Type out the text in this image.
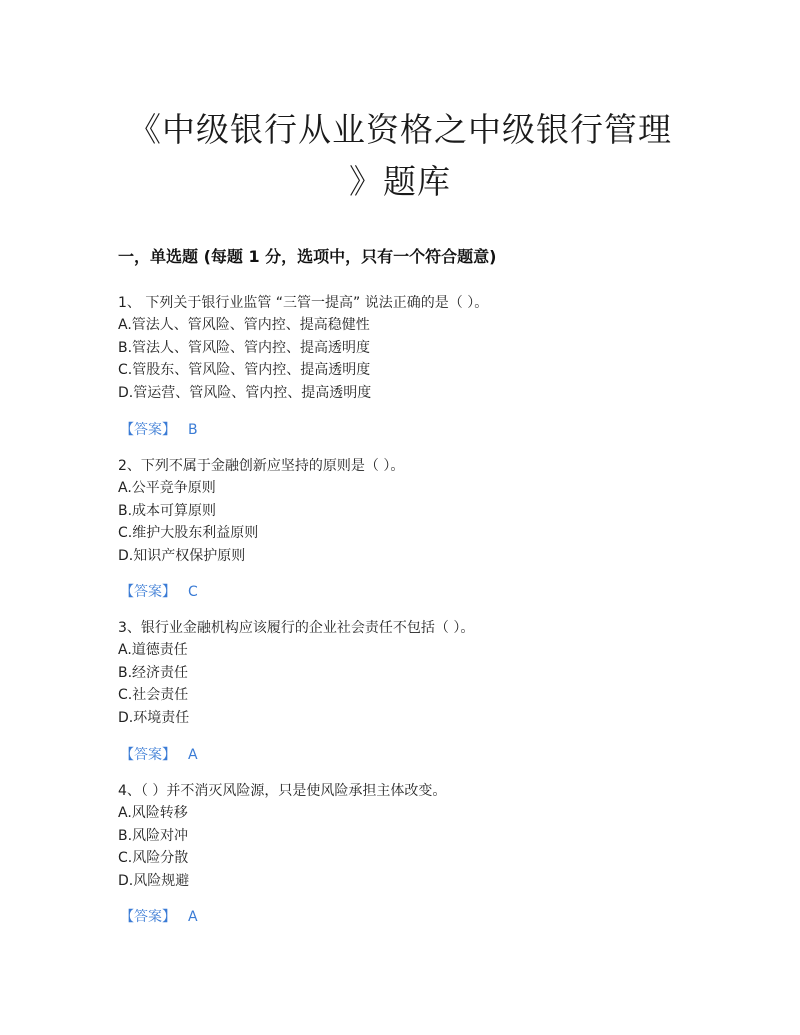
《中级银行从业资格之中级银行管理
》题库
一，单选题 (每题 1 分，选项中，只有一个符合题意)
1、 下列关于银行业监管 “三管一提高” 说法正确的是（ ）。
A.管法人、管风险、管内控、提高稳健性
B.管法人、管风险、管内控、提高透明度
C.管股东、管风险、管内控、提高透明度
D.管运营、管风险、管内控、提高透明度
【答案】 B
2、下列不属于金融创新应坚持的原则是（ ）。
A.公平竞争原则
B.成本可算原则
C.维护大股东利益原则
D.知识产权保护原则
【答案】 C
3、银行业金融机构应该履行的企业社会责任不包括（ ）。
A.道德责任
B.经济责任
C.社会责任
D.环境责任
【答案】 A
4、（ ）并不消灭风险源，只是使风险承担主体改变。
A.风险转移
B.风险对冲
C.风险分散
D.风险规避
【答案】 A
